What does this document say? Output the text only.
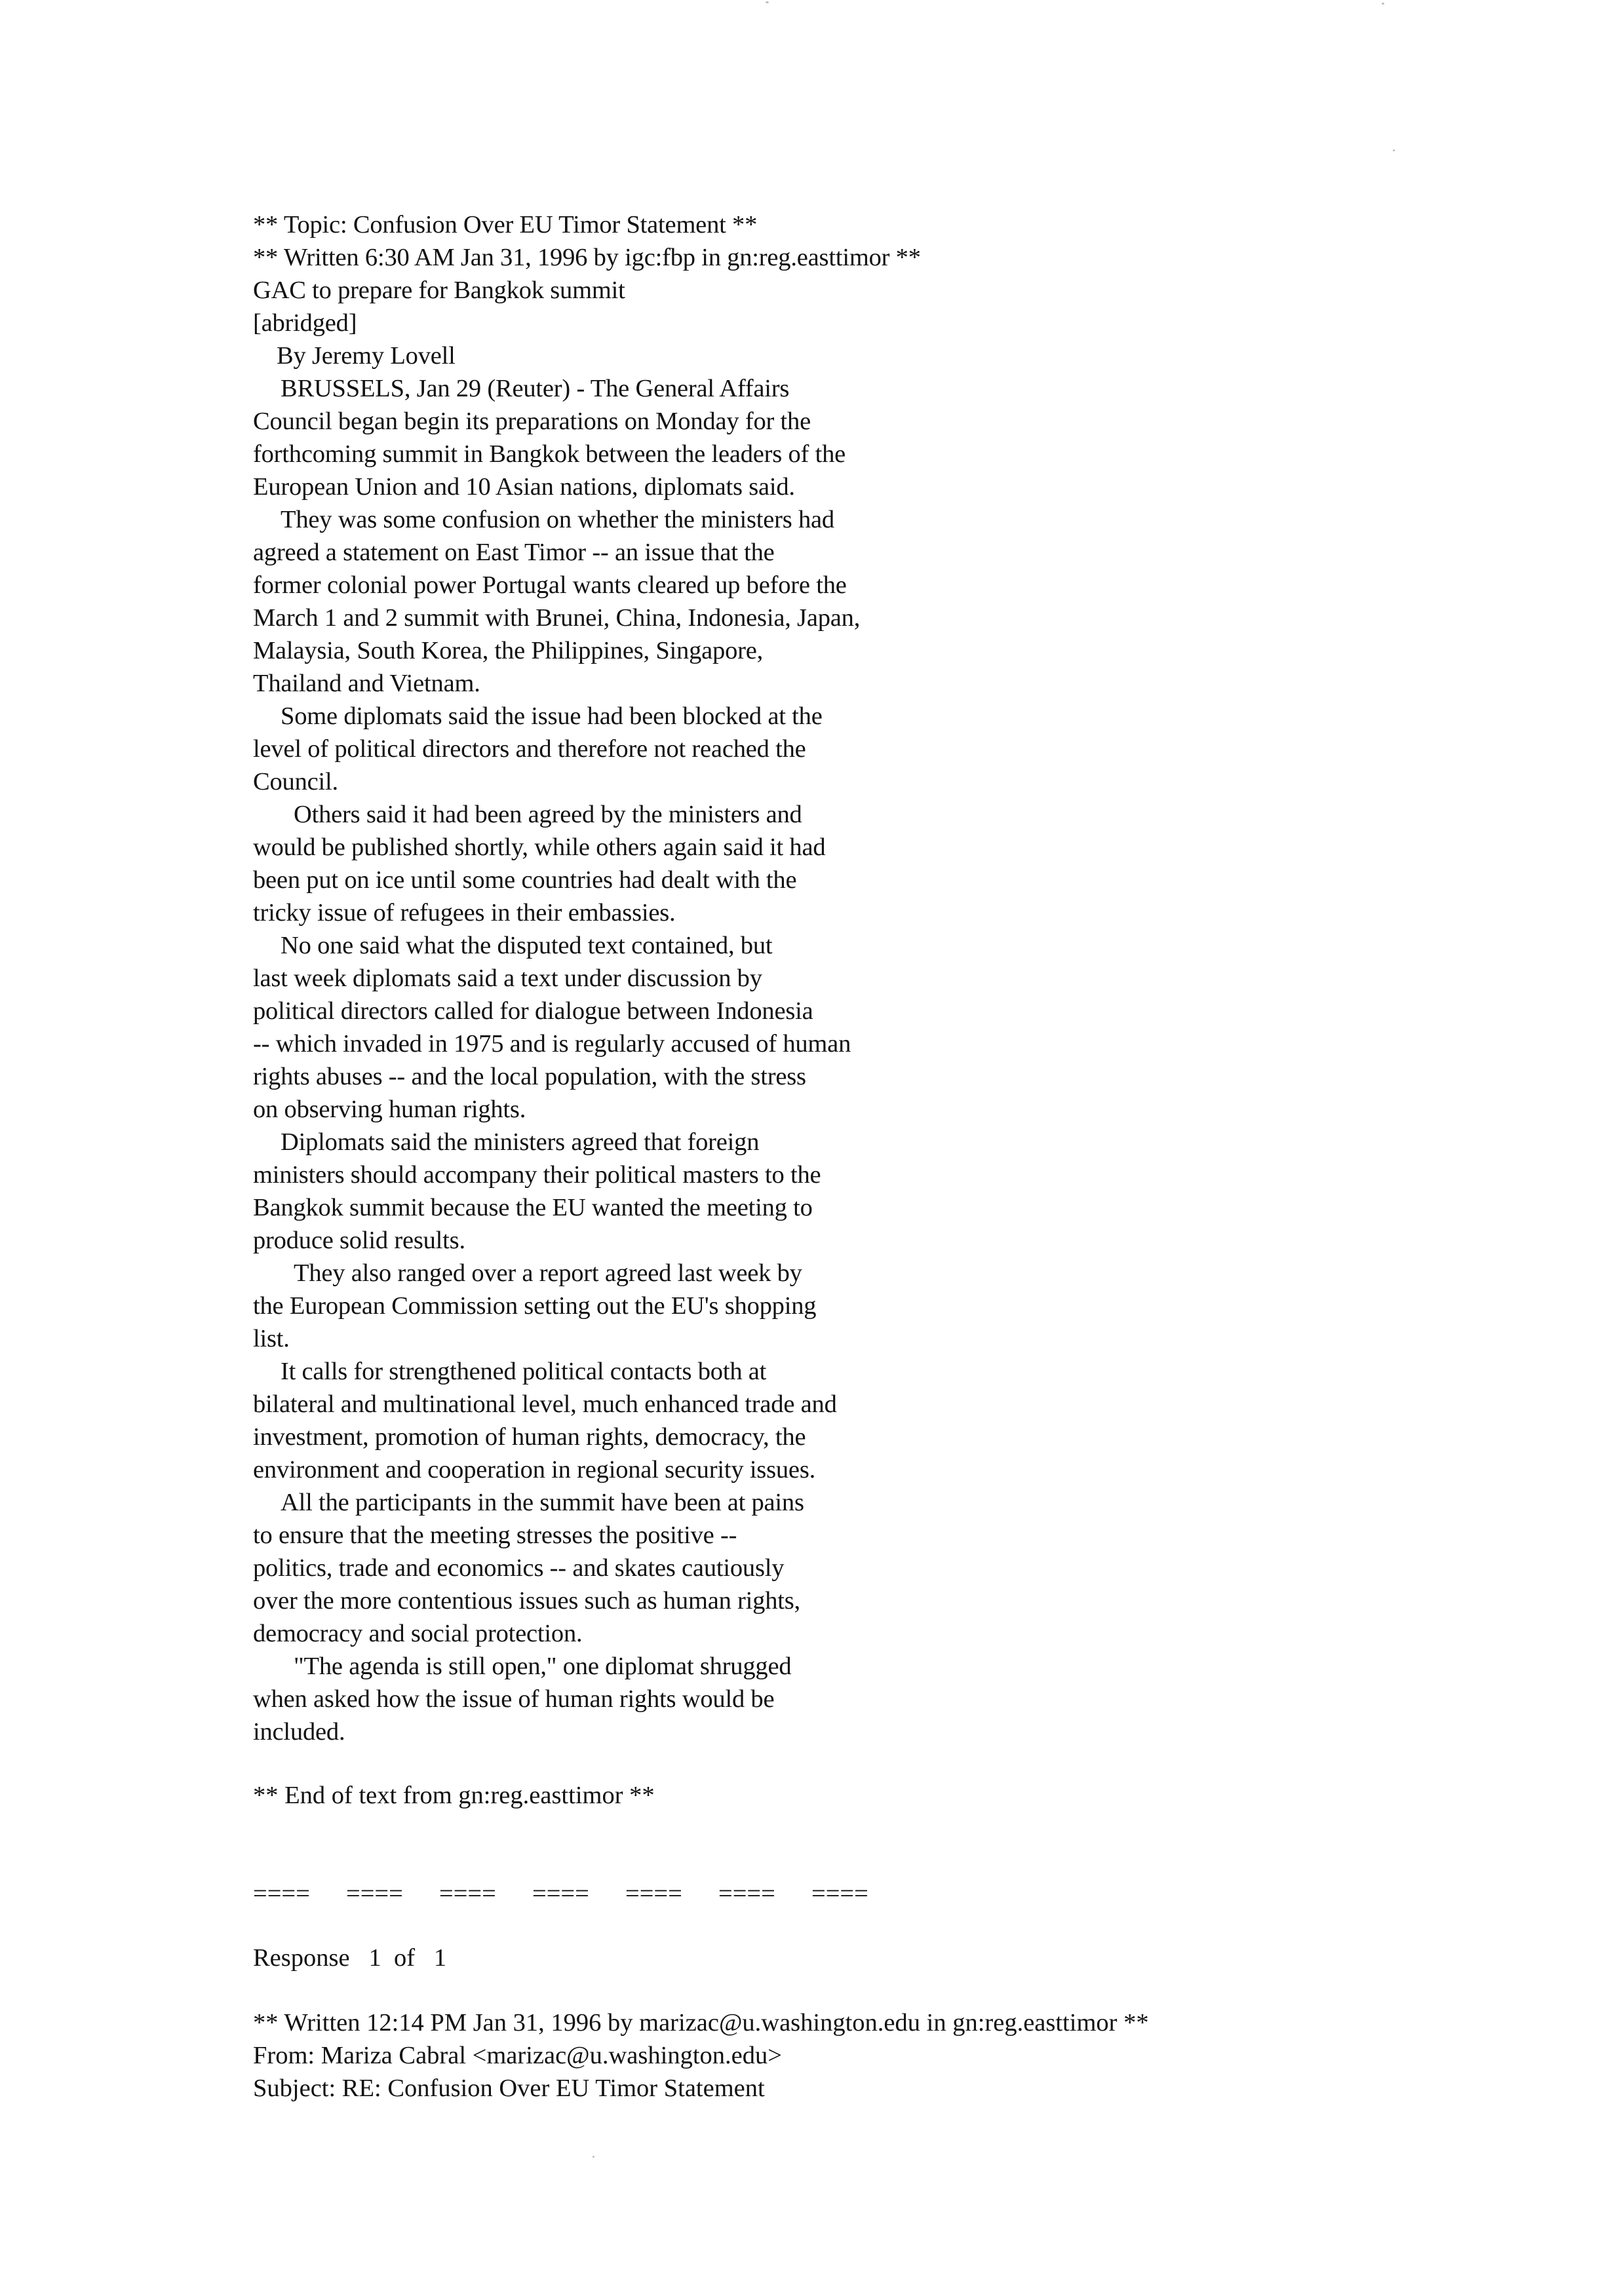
** Topic: Confusion Over EU Timor Statement **
** Written 6:30 AM Jan 31, 1996 by igc:fbp in gn:reg.easttimor **
GAC to prepare for Bangkok summit
[abridged]
By Jeremy Lovell
BRUSSELS, Jan 29 (Reuter) - The General Affairs
Council began begin its preparations on Monday for the
forthcoming summit in Bangkok between the leaders of the
European Union and 10 Asian nations, diplomats said.
They was some confusion on whether the ministers had
agreed a statement on East Timor -- an issue that the
former colonial power Portugal wants cleared up before the
March 1 and 2 summit with Brunei, China, Indonesia, Japan,
Malaysia, South Korea, the Philippines, Singapore,
Thailand and Vietnam.
Some diplomats said the issue had been blocked at the
level of political directors and therefore not reached the
Council.
Others said it had been agreed by the ministers and
would be published shortly, while others again said it had
been put on ice until some countries had dealt with the
tricky issue of refugees in their embassies.
No one said what the disputed text contained, but
last week diplomats said a text under discussion by
political directors called for dialogue between Indonesia
-- which invaded in 1975 and is regularly accused of human
rights abuses -- and the local population, with the stress
on observing human rights.
Diplomats said the ministers agreed that foreign
ministers should accompany their political masters to the
Bangkok summit because the EU wanted the meeting to
produce solid results.
They also ranged over a report agreed last week by
the European Commission setting out the EU's shopping
list.
It calls for strengthened political contacts both at
bilateral and multinational level, much enhanced trade and
investment, promotion of human rights, democracy, the
environment and cooperation in regional security issues.
All the participants in the summit have been at pains
to ensure that the meeting stresses the positive --
politics, trade and economics -- and skates cautiously
over the more contentious issues such as human rights,
democracy and social protection.
"The agenda is still open," one diplomat shrugged
when asked how the issue of human rights would be
included.
** End of text from gn:reg.easttimor **
====	====	====	====	====	====	====
Response   1  of   1
** Written 12:14 PM Jan 31, 1996 by marizac@u.washington.edu in gn:reg.easttimor **
From: Mariza Cabral <marizac@u.washington.edu>
Subject: RE: Confusion Over EU Timor Statement
